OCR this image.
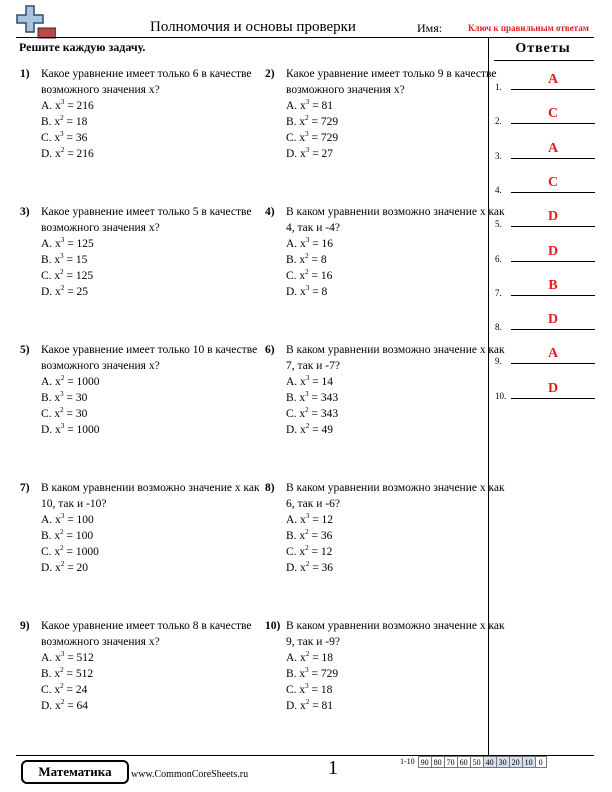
Полномочия и основы проверки	Имя:	Ключ к правильным ответам
Решите каждую задачу.	Ответы
1) Какое уравнение имеет только 6 в качестве возможного значения x?
A. $x^3 = 216$
B. $x^2 = 18$
C. $x^3 = 36$
D. $x^2 = 216$
2) Какое уравнение имеет только 9 в качестве возможного значения x?
A. $x^3 = 81$
B. $x^2 = 729$
C. $x^3 = 729$
D. $x^3 = 27$
3) Какое уравнение имеет только 5 в качестве возможного значения x?
A. $x^3 = 125$
B. $x^3 = 15$
C. $x^2 = 125$
D. $x^2 = 25$
4) В каком уравнении возможно значение x как 4, так и -4?
A. $x^3 = 16$
B. $x^2 = 8$
C. $x^2 = 16$
D. $x^3 = 8$
5) Какое уравнение имеет только 10 в качестве возможного значения x?
A. $x^2 = 1000$
B. $x^3 = 30$
C. $x^2 = 30$
D. $x^3 = 1000$
6) В каком уравнении возможно значение x как 7, так и -7?
A. $x^3 = 14$
B. $x^3 = 343$
C. $x^2 = 343$
D. $x^2 = 49$
7) В каком уравнении возможно значение x как 10, так и -10?
A. $x^3 = 100$
B. $x^2 = 100$
C. $x^2 = 1000$
D. $x^2 = 20$
8) В каком уравнении возможно значение x как 6, так и -6?
A. $x^3 = 12$
B. $x^2 = 36$
C. $x^2 = 12$
D. $x^2 = 36$
9) Какое уравнение имеет только 8 в качестве возможного значения x?
A. $x^3 = 512$
B. $x^2 = 512$
C. $x^2 = 24$
D. $x^2 = 64$
10) В каком уравнении возможно значение x как 9, так и -9?
A. $x^2 = 18$
B. $x^3 = 729$
C. $x^3 = 18$
D. $x^2 = 81$
1.	A
2.	C
3.	A
4.	C
5.	D
6.	D
7.	B
8.	D
9.	A
10.	D
Математика	www.CommonCoreSheets.ru	1	1-10 90 80 70 60 50 40 30 20 10 0
